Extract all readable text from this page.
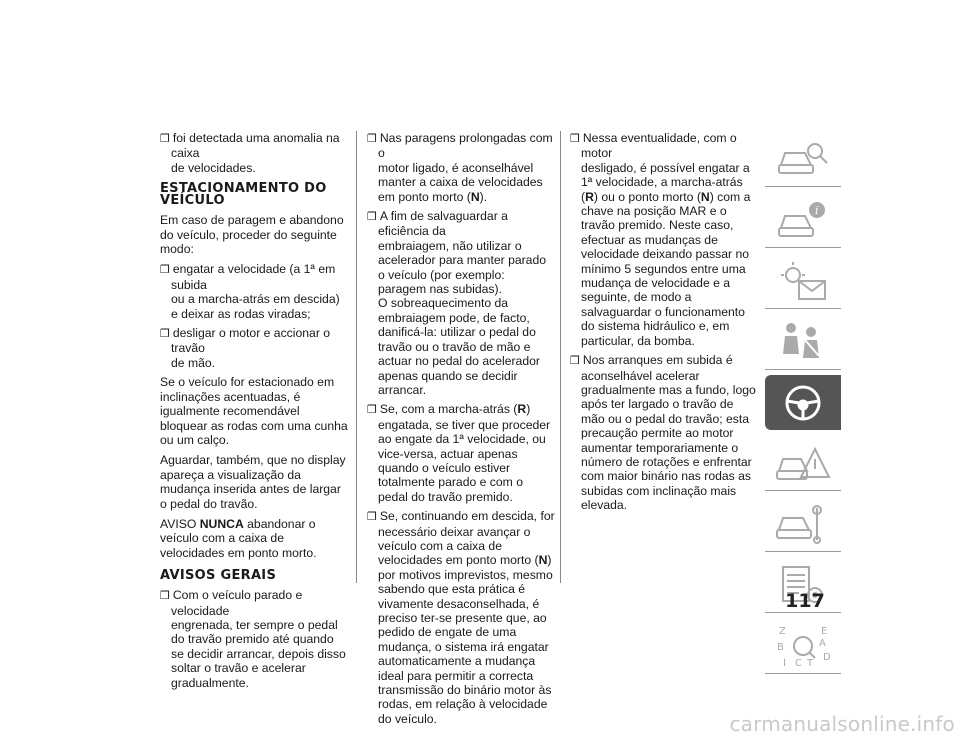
❒ foi detectada uma anomalia na caixa
de velocidades.
ESTACIONAMENTO DO
VEÍCULO

Em caso de paragem e abandono do veículo, proceder do seguinte modo:

❒ engatar a velocidade (a 1ª em subida
ou a marcha-atrás em descida) e deixar as rodas viradas;
❒ desligar o motor e accionar o travão
de mão.

Se o veículo for estacionado em inclinações acentuadas, é igualmente recomendável bloquear as rodas com uma cunha ou um calço.

Aguardar, também, que no display apareça a visualização da mudança inserida antes de largar o pedal do travão.

AVISO NUNCA abandonar o veículo com a caixa de velocidades em ponto morto.

AVISOS GERAIS
❒ Com o veículo parado e velocidade
engrenada, ter sempre o pedal do travão premido até quando se decidir arrancar, depois disso soltar o travão e acelerar gradualmente.
❒ Nas paragens prolongadas com o
motor ligado, é aconselhável manter a caixa de velocidades em ponto morto (N).
❒ A fim de salvaguardar a eficiência da
embraiagem, não utilizar o acelerador para manter parado o veículo (por exemplo: paragem nas subidas).
O sobreaquecimento da embraiagem pode, de facto, danificá-la: utilizar o pedal do travão ou o travão de mão e actuar no pedal do acelerador apenas quando se decidir arrancar.
❒ Se, com a marcha-atrás (R)
engatada, se tiver que proceder ao engate da 1ª velocidade, ou vice-versa, actuar apenas quando o veículo estiver totalmente parado e com o pedal do travão premido.
❒ Se, continuando em descida, for
necessário deixar avançar o veículo com a caixa de velocidades em ponto morto (N) por motivos imprevistos, mesmo sabendo que esta prática é vivamente desaconselhada, é preciso ter-se presente que, ao pedido de engate de uma mudança, o sistema irá engatar automaticamente a mudança ideal para permitir a correcta transmissão do binário motor às rodas, em relação à velocidade do veículo.
❒ Nessa eventualidade, com o motor
desligado, é possível engatar a 1ª velocidade, a marcha-atrás (R) ou o ponto morto (N) com a chave na posição MAR e o travão premido. Neste caso, efectuar as mudanças de velocidade deixando passar no mínimo 5 segundos entre uma mudança de velocidade e a seguinte, de modo a salvaguardar o funcionamento do sistema hidráulico e, em particular, da bomba.
❒ Nos arranques em subida é
aconselhável acelerar gradualmente mas a fundo, logo após ter largado o travão de mão ou o pedal do travão; esta precaução permite ao motor aumentar temporariamente o número de rotações e enfrentar com maior binário nas rodas as subidas com inclinação mais elevada.
i
Z	E
B	A
I C T
D
117
carmanualsonline.info
